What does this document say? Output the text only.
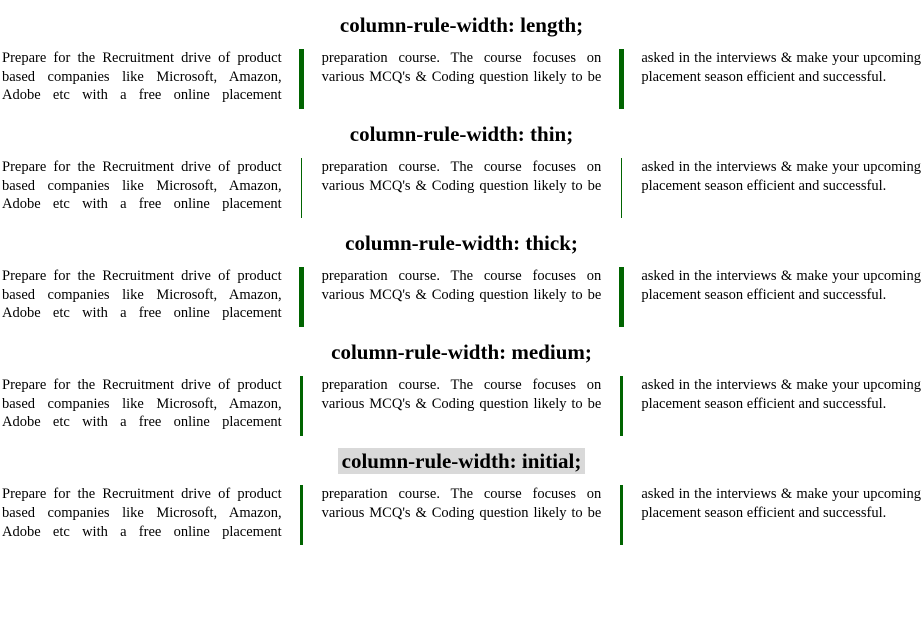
column-rule-width: length;

Prepare for the Recruitment drive of product based companies like Microsoft, Amazon, Adobe etc with a free online placement preparation course. The course focuses on various MCQ's & Coding question likely to be asked in the interviews & make your upcoming placement season efficient and successful.

column-rule-width: thin;

Prepare for the Recruitment drive of product based companies like Microsoft, Amazon, Adobe etc with a free online placement preparation course. The course focuses on various MCQ's & Coding question likely to be asked in the interviews & make your upcoming placement season efficient and successful.

column-rule-width: thick;

Prepare for the Recruitment drive of product based companies like Microsoft, Amazon, Adobe etc with a free online placement preparation course. The course focuses on various MCQ's & Coding question likely to be asked in the interviews & make your upcoming placement season efficient and successful.

column-rule-width: medium;

Prepare for the Recruitment drive of product based companies like Microsoft, Amazon, Adobe etc with a free online placement preparation course. The course focuses on various MCQ's & Coding question likely to be asked in the interviews & make your upcoming placement season efficient and successful.

column-rule-width: initial;

Prepare for the Recruitment drive of product based companies like Microsoft, Amazon, Adobe etc with a free online placement preparation course. The course focuses on various MCQ's & Coding question likely to be asked in the interviews & make your upcoming placement season efficient and successful.
